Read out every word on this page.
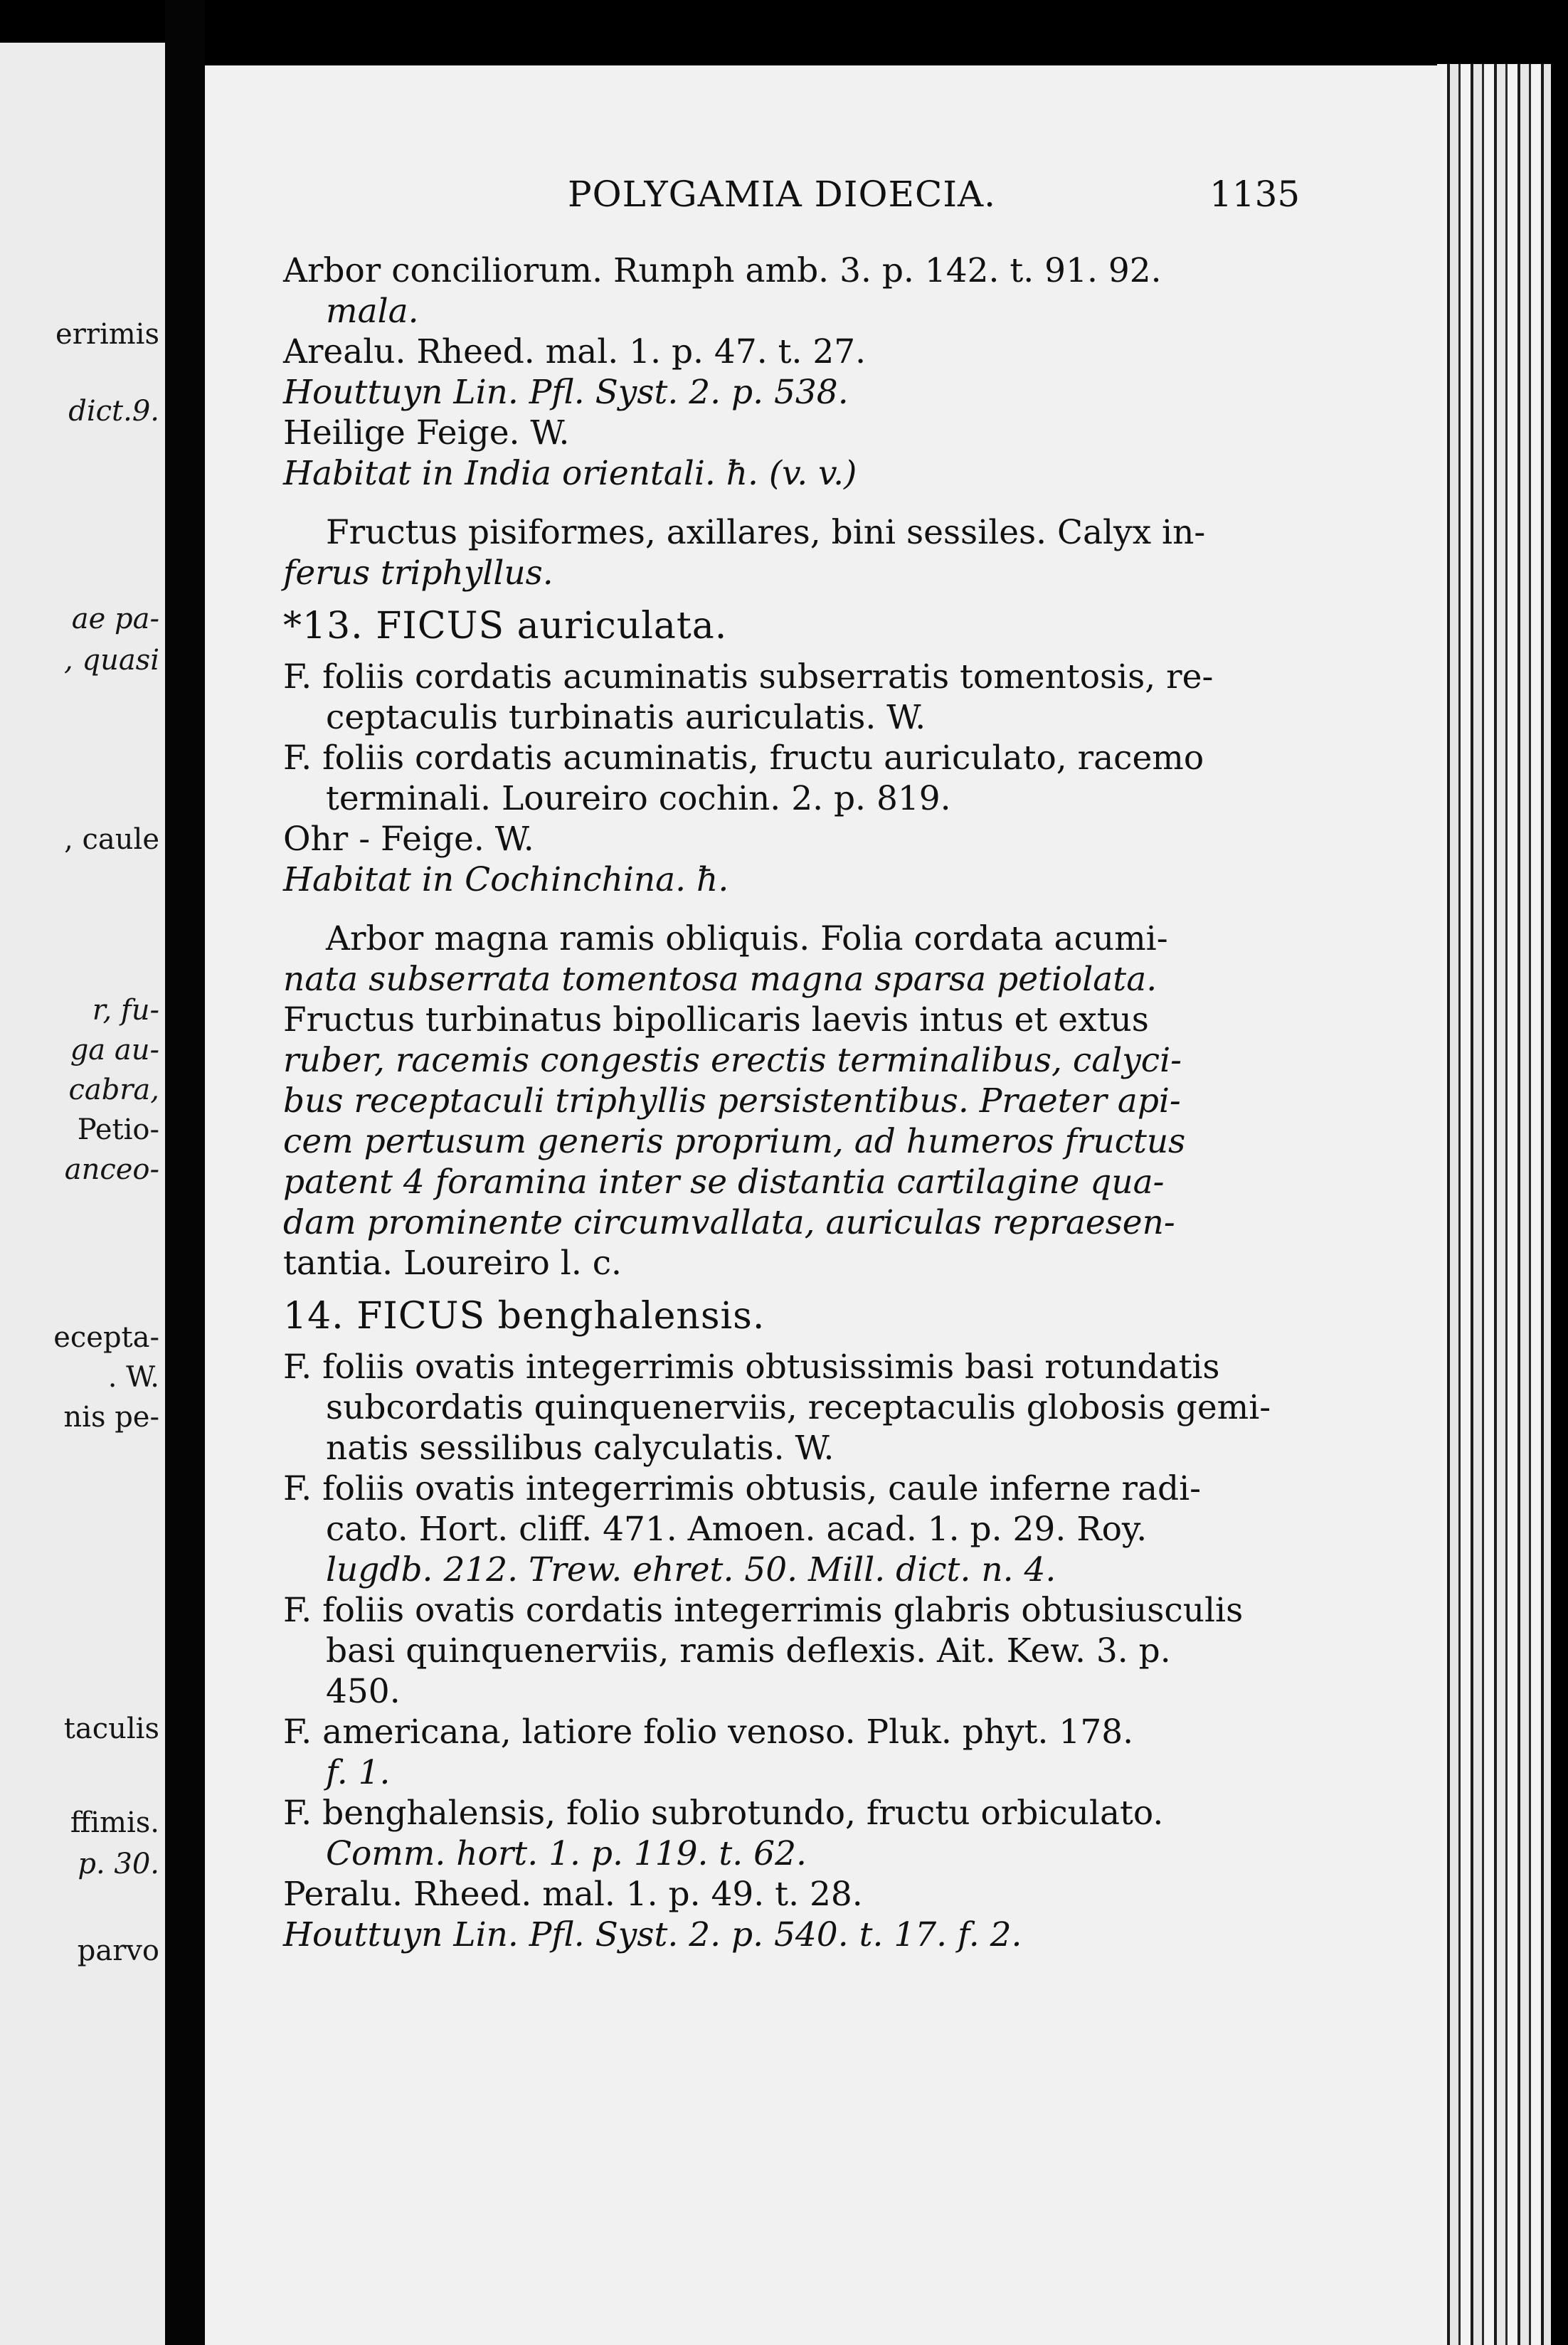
errimis
dict.9.
ae pa-
, quasi
, caule
r, fu-
ga au-
cabra,
Petio-
anceo-
ecepta-
. W.
nis pe-
taculis
ffimis.
p. 30.
parvo
POLYGAMIA DIOECIA.	1135
Arbor conciliorum. Rumph amb. 3. p. 142. t. 91. 92.
mala.
Arealu. Rheed. mal. 1. p. 47. t. 27.
Houttuyn Lin. Pfl. Syst. 2. p. 538.
Heilige Feige. W.
Habitat in India orientali. ħ. (v. v.)
Fructus pisiformes, axillares, bini sessiles. Calyx in-
ferus triphyllus.
*13. FICUS auriculata.
F. foliis cordatis acuminatis subserratis tomentosis, re-
ceptaculis turbinatis auriculatis. W.
F. foliis cordatis acuminatis, fructu auriculato, racemo
terminali. Loureiro cochin. 2. p. 819.
Ohr - Feige. W.
Habitat in Cochinchina. ħ.
Arbor magna ramis obliquis. Folia cordata acumi-
nata subserrata tomentosa magna sparsa petiolata.
Fructus turbinatus bipollicaris laevis intus et extus
ruber, racemis congestis erectis terminalibus, calyci-
bus receptaculi triphyllis persistentibus. Praeter api-
cem pertusum generis proprium, ad humeros fructus
patent 4 foramina inter se distantia cartilagine qua-
dam prominente circumvallata, auriculas repraesen-
tantia. Loureiro l. c.
14. FICUS benghalensis.
F. foliis ovatis integerrimis obtusissimis basi rotundatis
subcordatis quinquenerviis, receptaculis globosis gemi-
natis sessilibus calyculatis. W.
F. foliis ovatis integerrimis obtusis, caule inferne radi-
cato. Hort. cliff. 471. Amoen. acad. 1. p. 29. Roy.
lugdb. 212. Trew. ehret. 50. Mill. dict. n. 4.
F. foliis ovatis cordatis integerrimis glabris obtusiusculis
basi quinquenerviis, ramis deflexis. Ait. Kew. 3. p.
450.
F. americana, latiore folio venoso. Pluk. phyt. 178.
f. 1.
F. benghalensis, folio subrotundo, fructu orbiculato.
Comm. hort. 1. p. 119. t. 62.
Peralu. Rheed. mal. 1. p. 49. t. 28.
Houttuyn Lin. Pfl. Syst. 2. p. 540. t. 17. f. 2.
